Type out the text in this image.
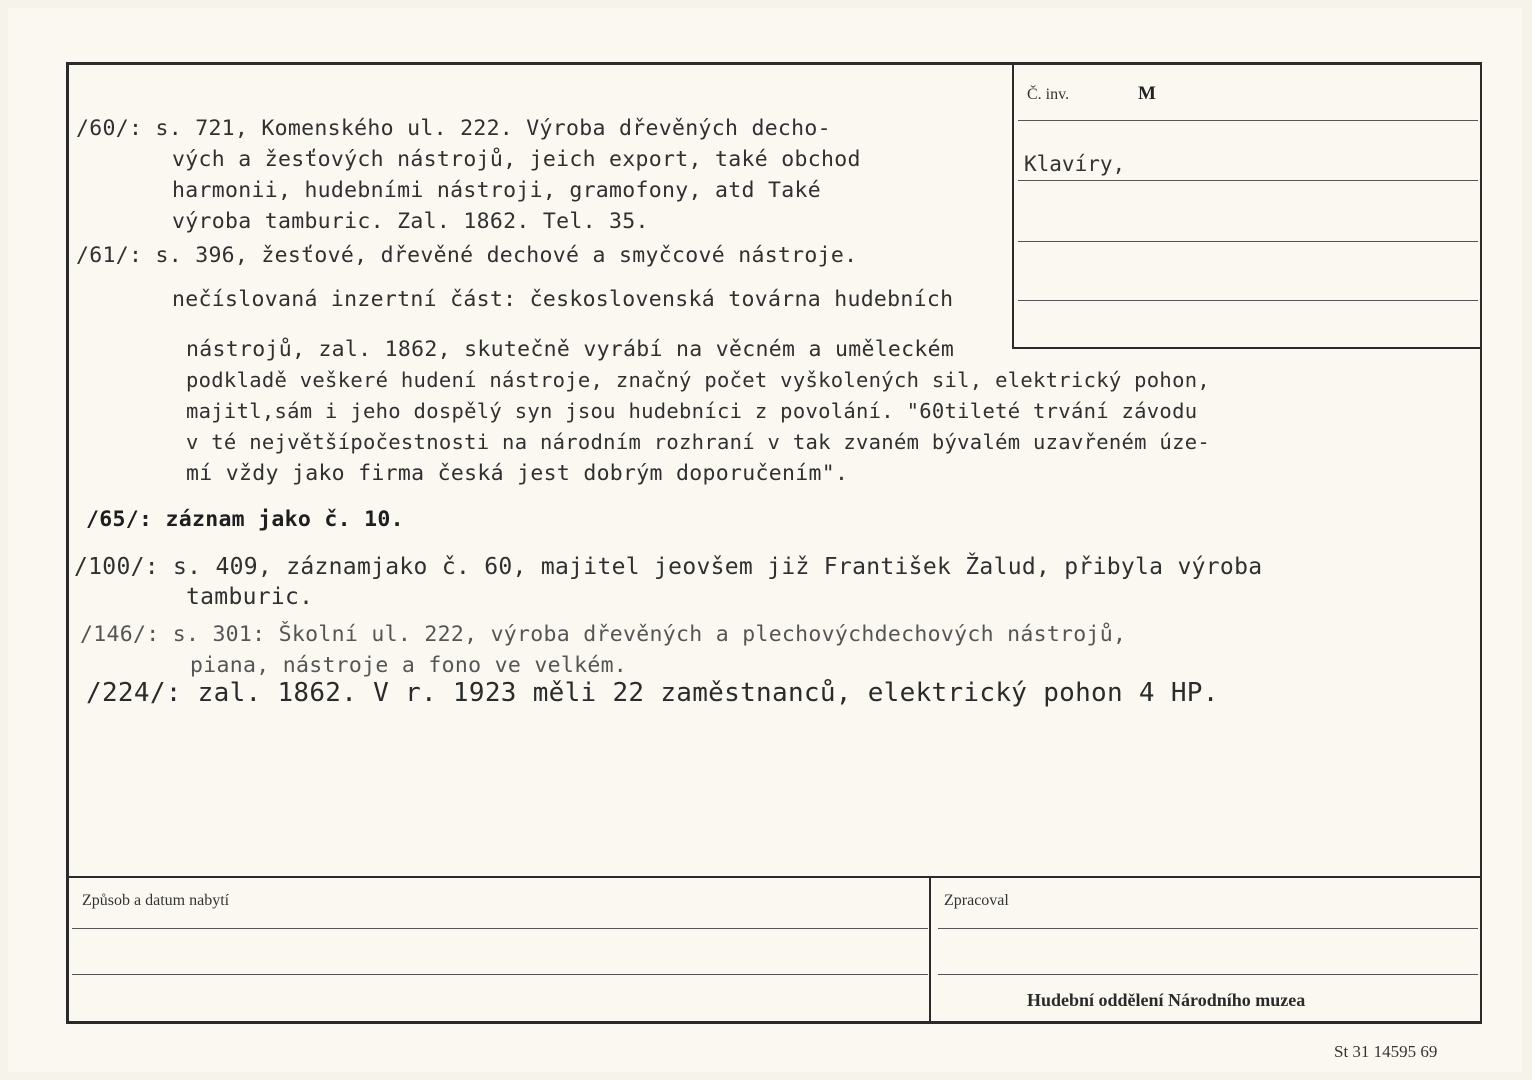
Č. inv.	M
Klavíry,
/60/: s. 721, Komenského ul. 222. Výroba dřevěných decho-
vých a žesťových nástrojů, jeich export, také obchod
harmonii, hudebními nástroji, gramofony, atd Také
výroba tamburic. Zal. 1862. Tel. 35.
/61/: s. 396, žesťové, dřevěné dechové a smyčcové nástroje.
nečíslovaná inzertní část: československá továrna hudebních
nástrojů, zal. 1862, skutečně vyrábí na věcném a uměleckém
podkladě veškeré hudení nástroje, značný počet vyškolených sil, elektrický pohon,
majitl,sám i jeho dospělý syn jsou hudebníci z povolání. "60tileté trvání závodu
v té největšípočestnosti na národním rozhraní v tak zvaném bývalém uzavřeném úze-
mí vždy jako firma česká jest dobrým doporučením".
/65/: záznam jako č. 10.
/100/: s. 409, záznamjako č. 60, majitel jeovšem již František Žalud, přibyla výroba
tamburic.
/146/: s. 301: Školní ul. 222, výroba dřevěných a plechovýchdechových nástrojů,
piana, nástroje a fono ve velkém.
/224/: zal. 1862. V r. 1923 měli 22 zaměstnanců, elektrický pohon 4 HP.
Způsob a datum nabytí	Zpracoval
Hudební oddělení Národního muzea
St 31 14595 69
